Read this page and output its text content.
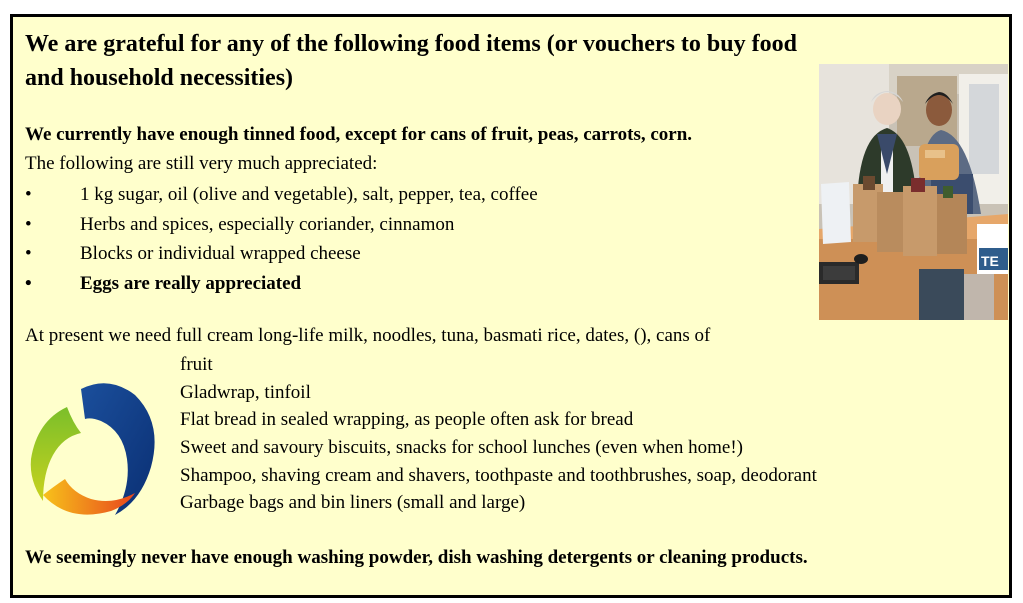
We are grateful for any of the following food items (or vouchers to buy food and household necessities)
We currently have enough tinned food, except for cans of fruit, peas, carrots, corn.
The following are still very much appreciated:
•	1 kg sugar, oil (olive and vegetable), salt, pepper, tea, coffee
•	Herbs and spices, especially coriander, cinnamon
•	Blocks or individual wrapped cheese
•	Eggs are really appreciated
At present we need full cream long-life milk, noodles, tuna, basmati rice, dates, (), cans of
fruit
Gladwrap, tinfoil
Flat bread in sealed wrapping, as people often ask for bread
Sweet and savoury biscuits, snacks for school lunches (even when home!)
Shampoo, shaving cream and shavers, toothpaste and toothbrushes, soap, deodorant
Garbage bags and bin liners (small and large)
We seemingly never have enough washing powder, dish washing detergents or cleaning products.
TE
